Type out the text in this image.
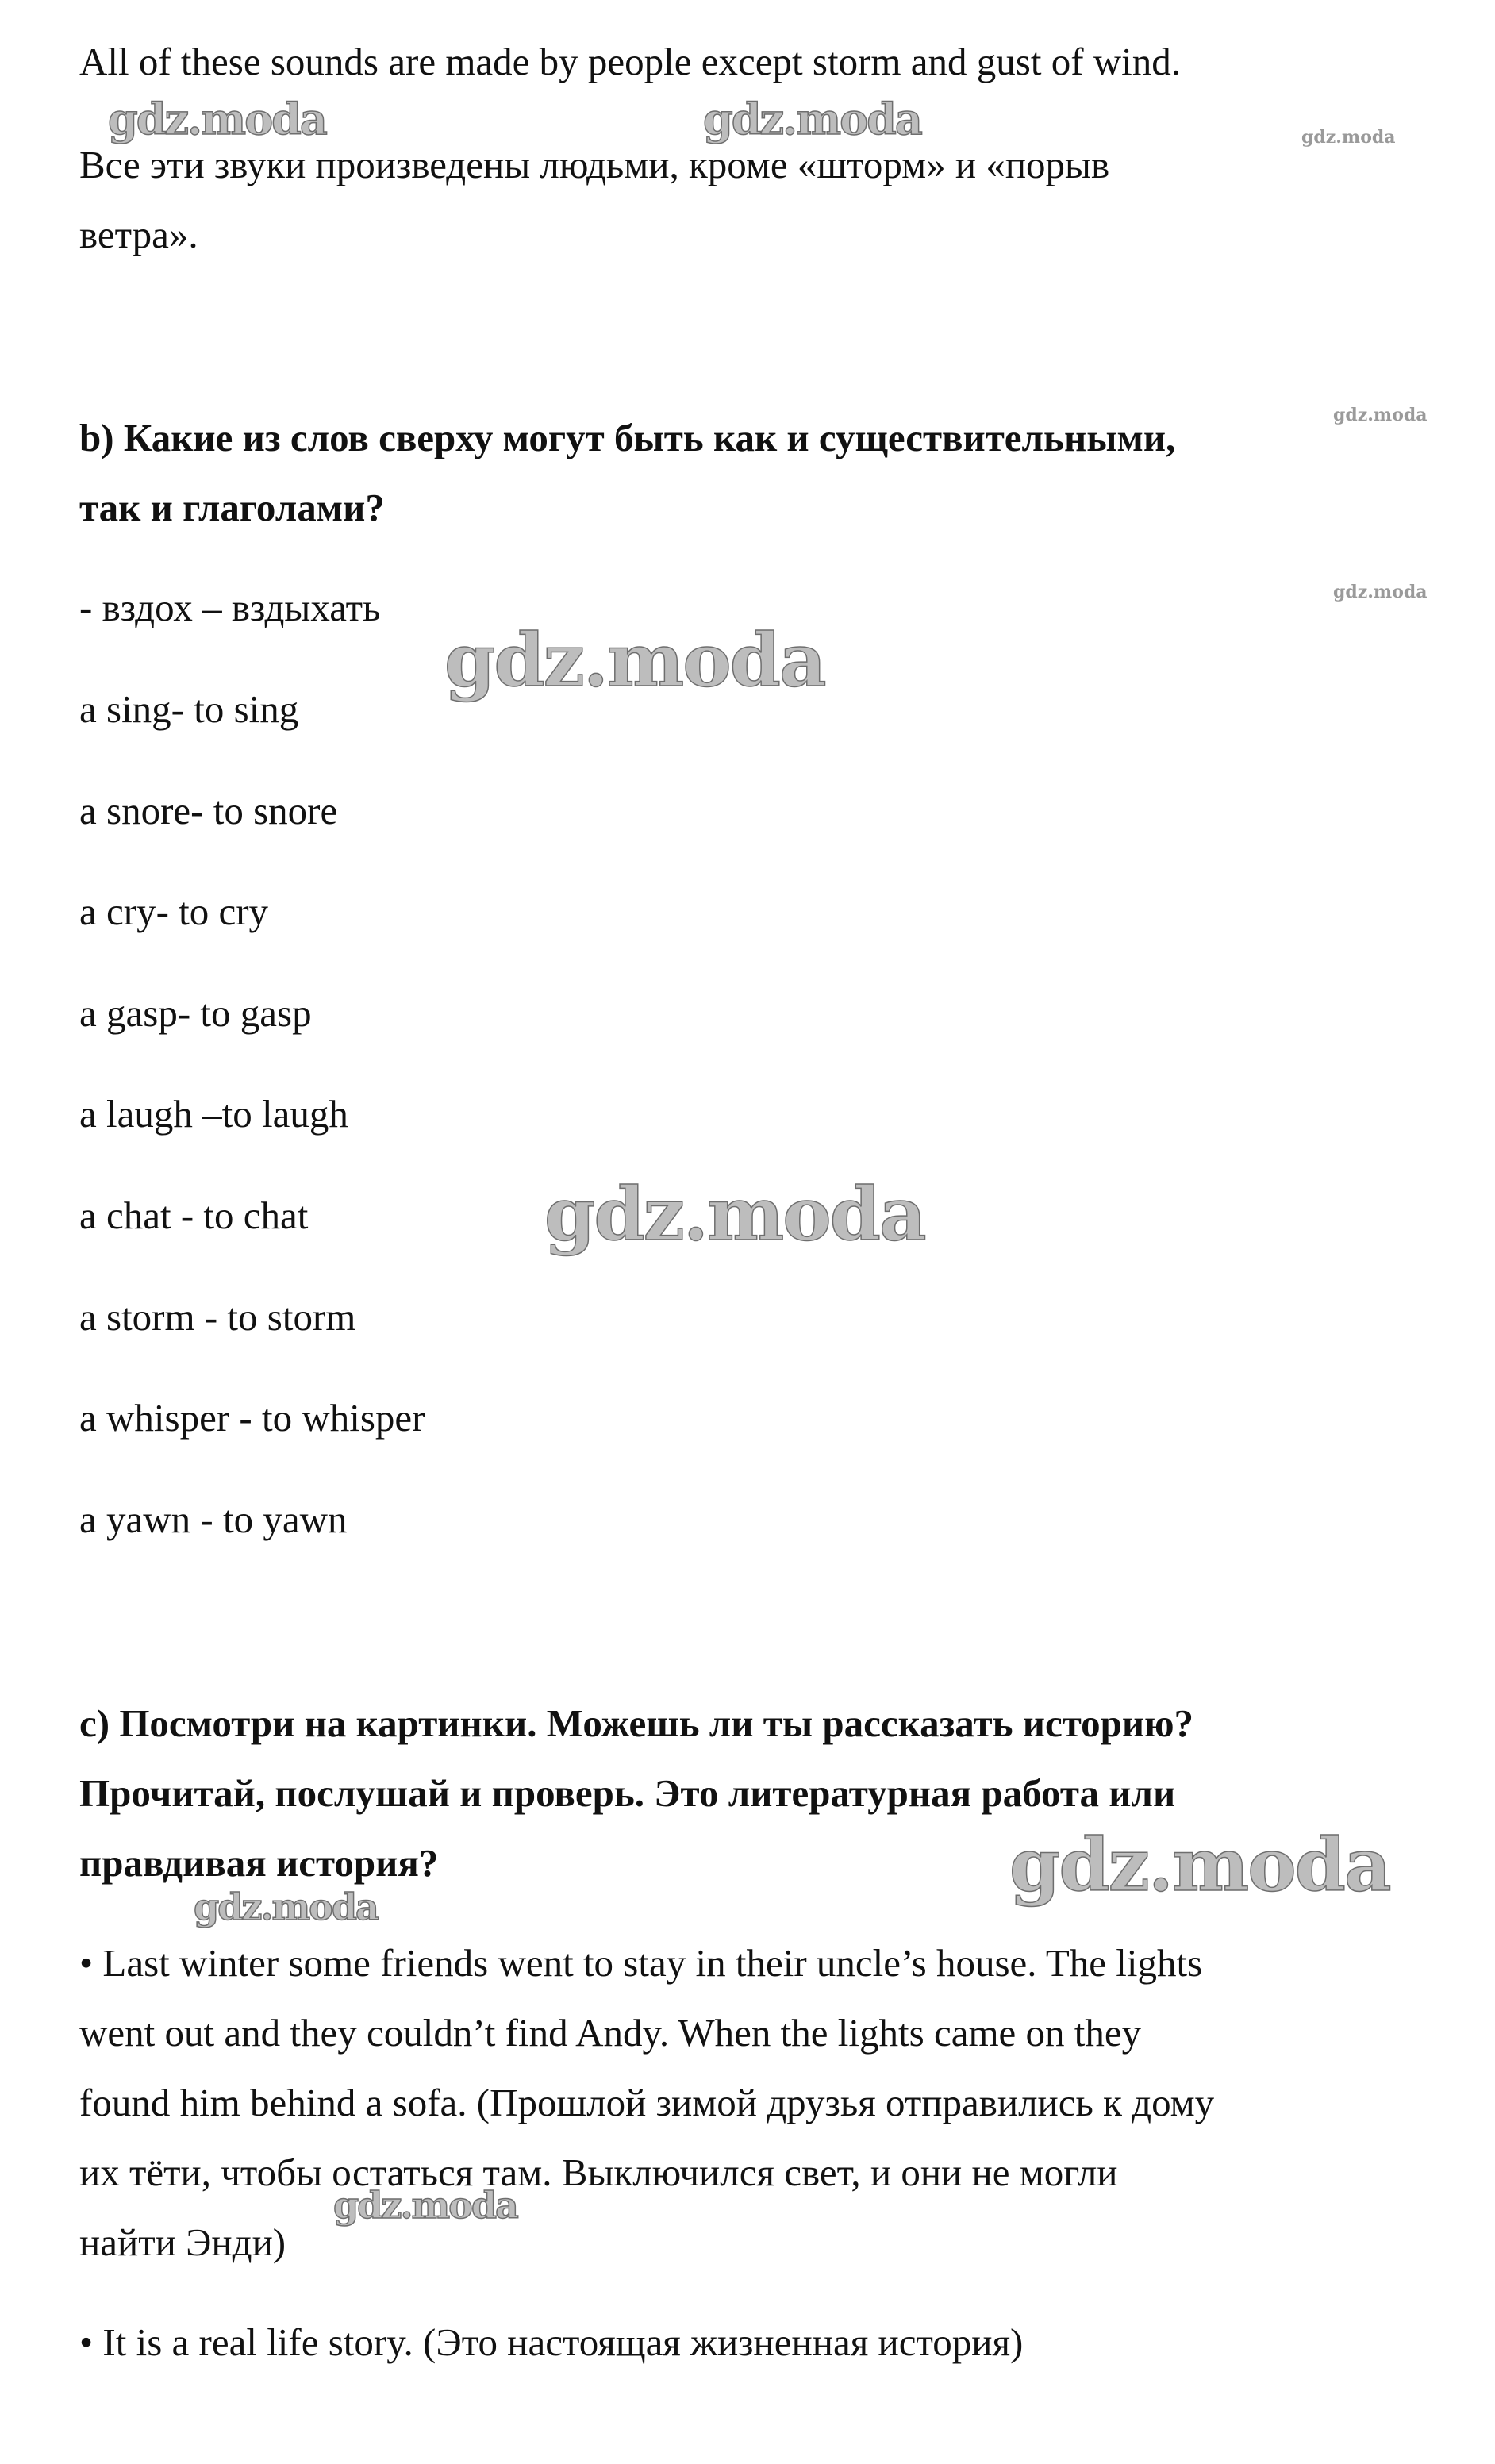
All of these sounds are made by people except storm and gust of wind.
Все эти звуки произведены людьми, кроме «шторм» и «порыв
ветра».
b) Какие из слов сверху могут быть как и существительными,
так и глаголами?
- вздох – вздыхать
a sing- to sing
a snore- to snore
a cry- to cry
a gasp- to gasp
a laugh –to laugh
a chat - to chat
a storm - to storm
a whisper - to whisper
a yawn - to yawn
c) Посмотри на картинки. Можешь ли ты рассказать историю?
Прочитай, послушай и проверь. Это литературная работа или
правдивая история?
• Last winter some friends went to stay in their uncle’s house. The lights
went out and they couldn’t find Andy. When the lights came on they
found him behind a sofa. (Прошлой зимой друзья отправились к дому
их тёти, чтобы остаться там. Выключился свет, и они не могли
найти Энди)
• It is a real life story. (Это настоящая жизненная история)
gdz.moda	gdz.moda	gdz.moda
gdz.moda
gdz.moda
gdz.moda
gdz.moda
gdz.moda
gdz.moda
gdz.moda
